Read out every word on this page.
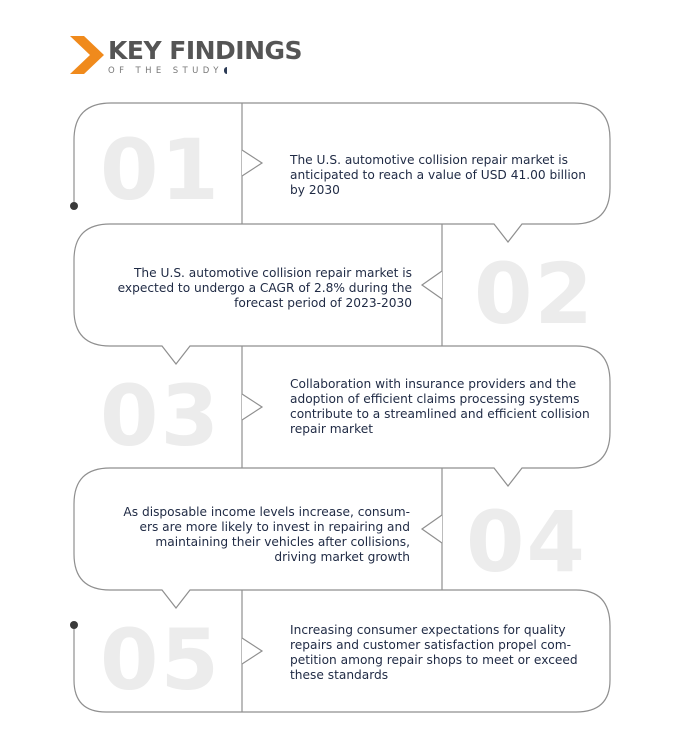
KEY FINDINGS
OF THE STUDY
01
02
03
04
05
The U.S. automotive collision repair market is anticipated to reach a value of USD 41.00 billion by 2030
The U.S. automotive collision repair market is expected to undergo a CAGR of 2.8% during the forecast period of 2023-2030
Collaboration with insurance providers and the adoption of efficient claims processing systems contribute to a streamlined and efficient collision repair market
As disposable income levels increase, consum-ers are more likely to invest in repairing and maintaining their vehicles after collisions, driving market growth
Increasing consumer expectations for quality repairs and customer satisfaction propel com-petition among repair shops to meet or exceed these standards
